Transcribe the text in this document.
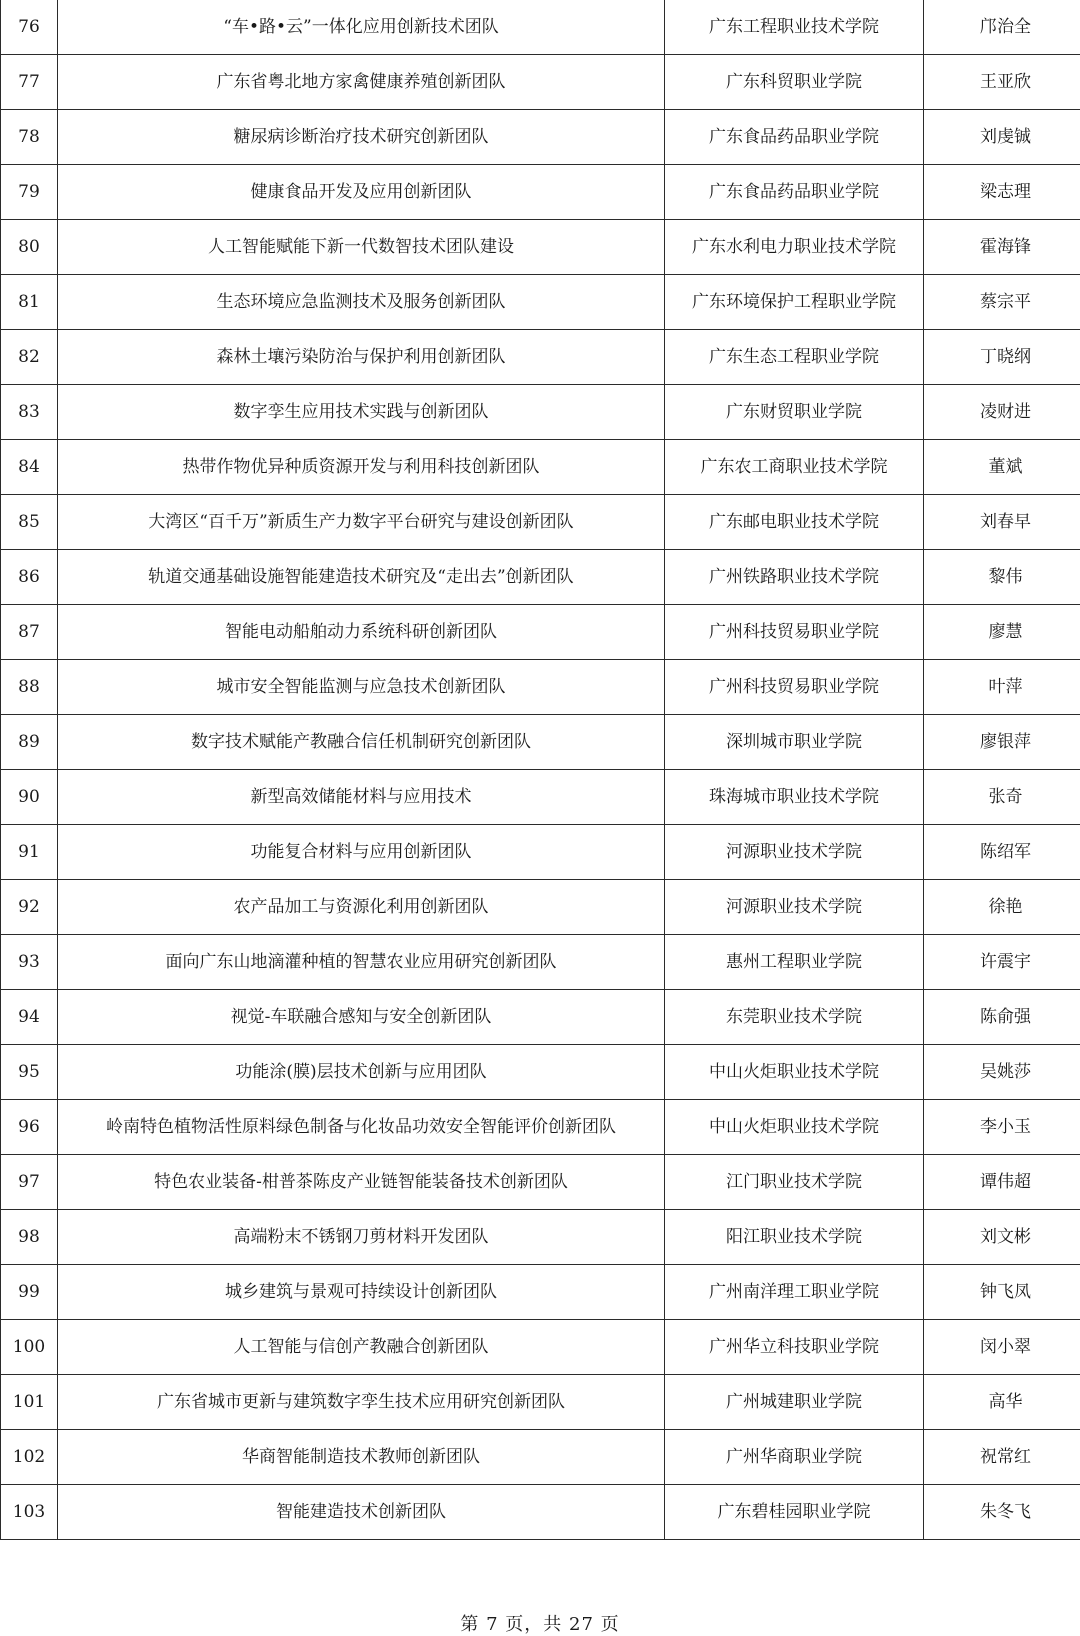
76	“车•路•云”一体化应用创新技术团队	广东工程职业技术学院	邝治全
77	广东省粤北地方家禽健康养殖创新团队	广东科贸职业学院	王亚欣
78	糖尿病诊断治疗技术研究创新团队	广东食品药品职业学院	刘虔铖
79	健康食品开发及应用创新团队	广东食品药品职业学院	梁志理
80	人工智能赋能下新一代数智技术团队建设	广东水利电力职业技术学院	霍海锋
81	生态环境应急监测技术及服务创新团队	广东环境保护工程职业学院	蔡宗平
82	森林土壤污染防治与保护利用创新团队	广东生态工程职业学院	丁晓纲
83	数字孪生应用技术实践与创新团队	广东财贸职业学院	凌财进
84	热带作物优异种质资源开发与利用科技创新团队	广东农工商职业技术学院	董斌
85	大湾区“百千万”新质生产力数字平台研究与建设创新团队	广东邮电职业技术学院	刘春早
86	轨道交通基础设施智能建造技术研究及“走出去”创新团队	广州铁路职业技术学院	黎伟
87	智能电动船舶动力系统科研创新团队	广州科技贸易职业学院	廖慧
88	城市安全智能监测与应急技术创新团队	广州科技贸易职业学院	叶萍
89	数字技术赋能产教融合信任机制研究创新团队	深圳城市职业学院	廖银萍
90	新型高效储能材料与应用技术	珠海城市职业技术学院	张奇
91	功能复合材料与应用创新团队	河源职业技术学院	陈绍军
92	农产品加工与资源化利用创新团队	河源职业技术学院	徐艳
93	面向广东山地滴灌种植的智慧农业应用研究创新团队	惠州工程职业学院	许震宇
94	视觉-车联融合感知与安全创新团队	东莞职业技术学院	陈俞强
95	功能涂(膜)层技术创新与应用团队	中山火炬职业技术学院	吴姚莎
96	岭南特色植物活性原料绿色制备与化妆品功效安全智能评价创新团队	中山火炬职业技术学院	李小玉
97	特色农业装备-柑普茶陈皮产业链智能装备技术创新团队	江门职业技术学院	谭伟超
98	高端粉末不锈钢刀剪材料开发团队	阳江职业技术学院	刘文彬
99	城乡建筑与景观可持续设计创新团队	广州南洋理工职业学院	钟飞凤
100	人工智能与信创产教融合创新团队	广州华立科技职业学院	闵小翠
101	广东省城市更新与建筑数字孪生技术应用研究创新团队	广州城建职业学院	高华
102	华商智能制造技术教师创新团队	广州华商职业学院	祝常红
103	智能建造技术创新团队	广东碧桂园职业学院	朱冬飞
第 7 页，共 27 页
